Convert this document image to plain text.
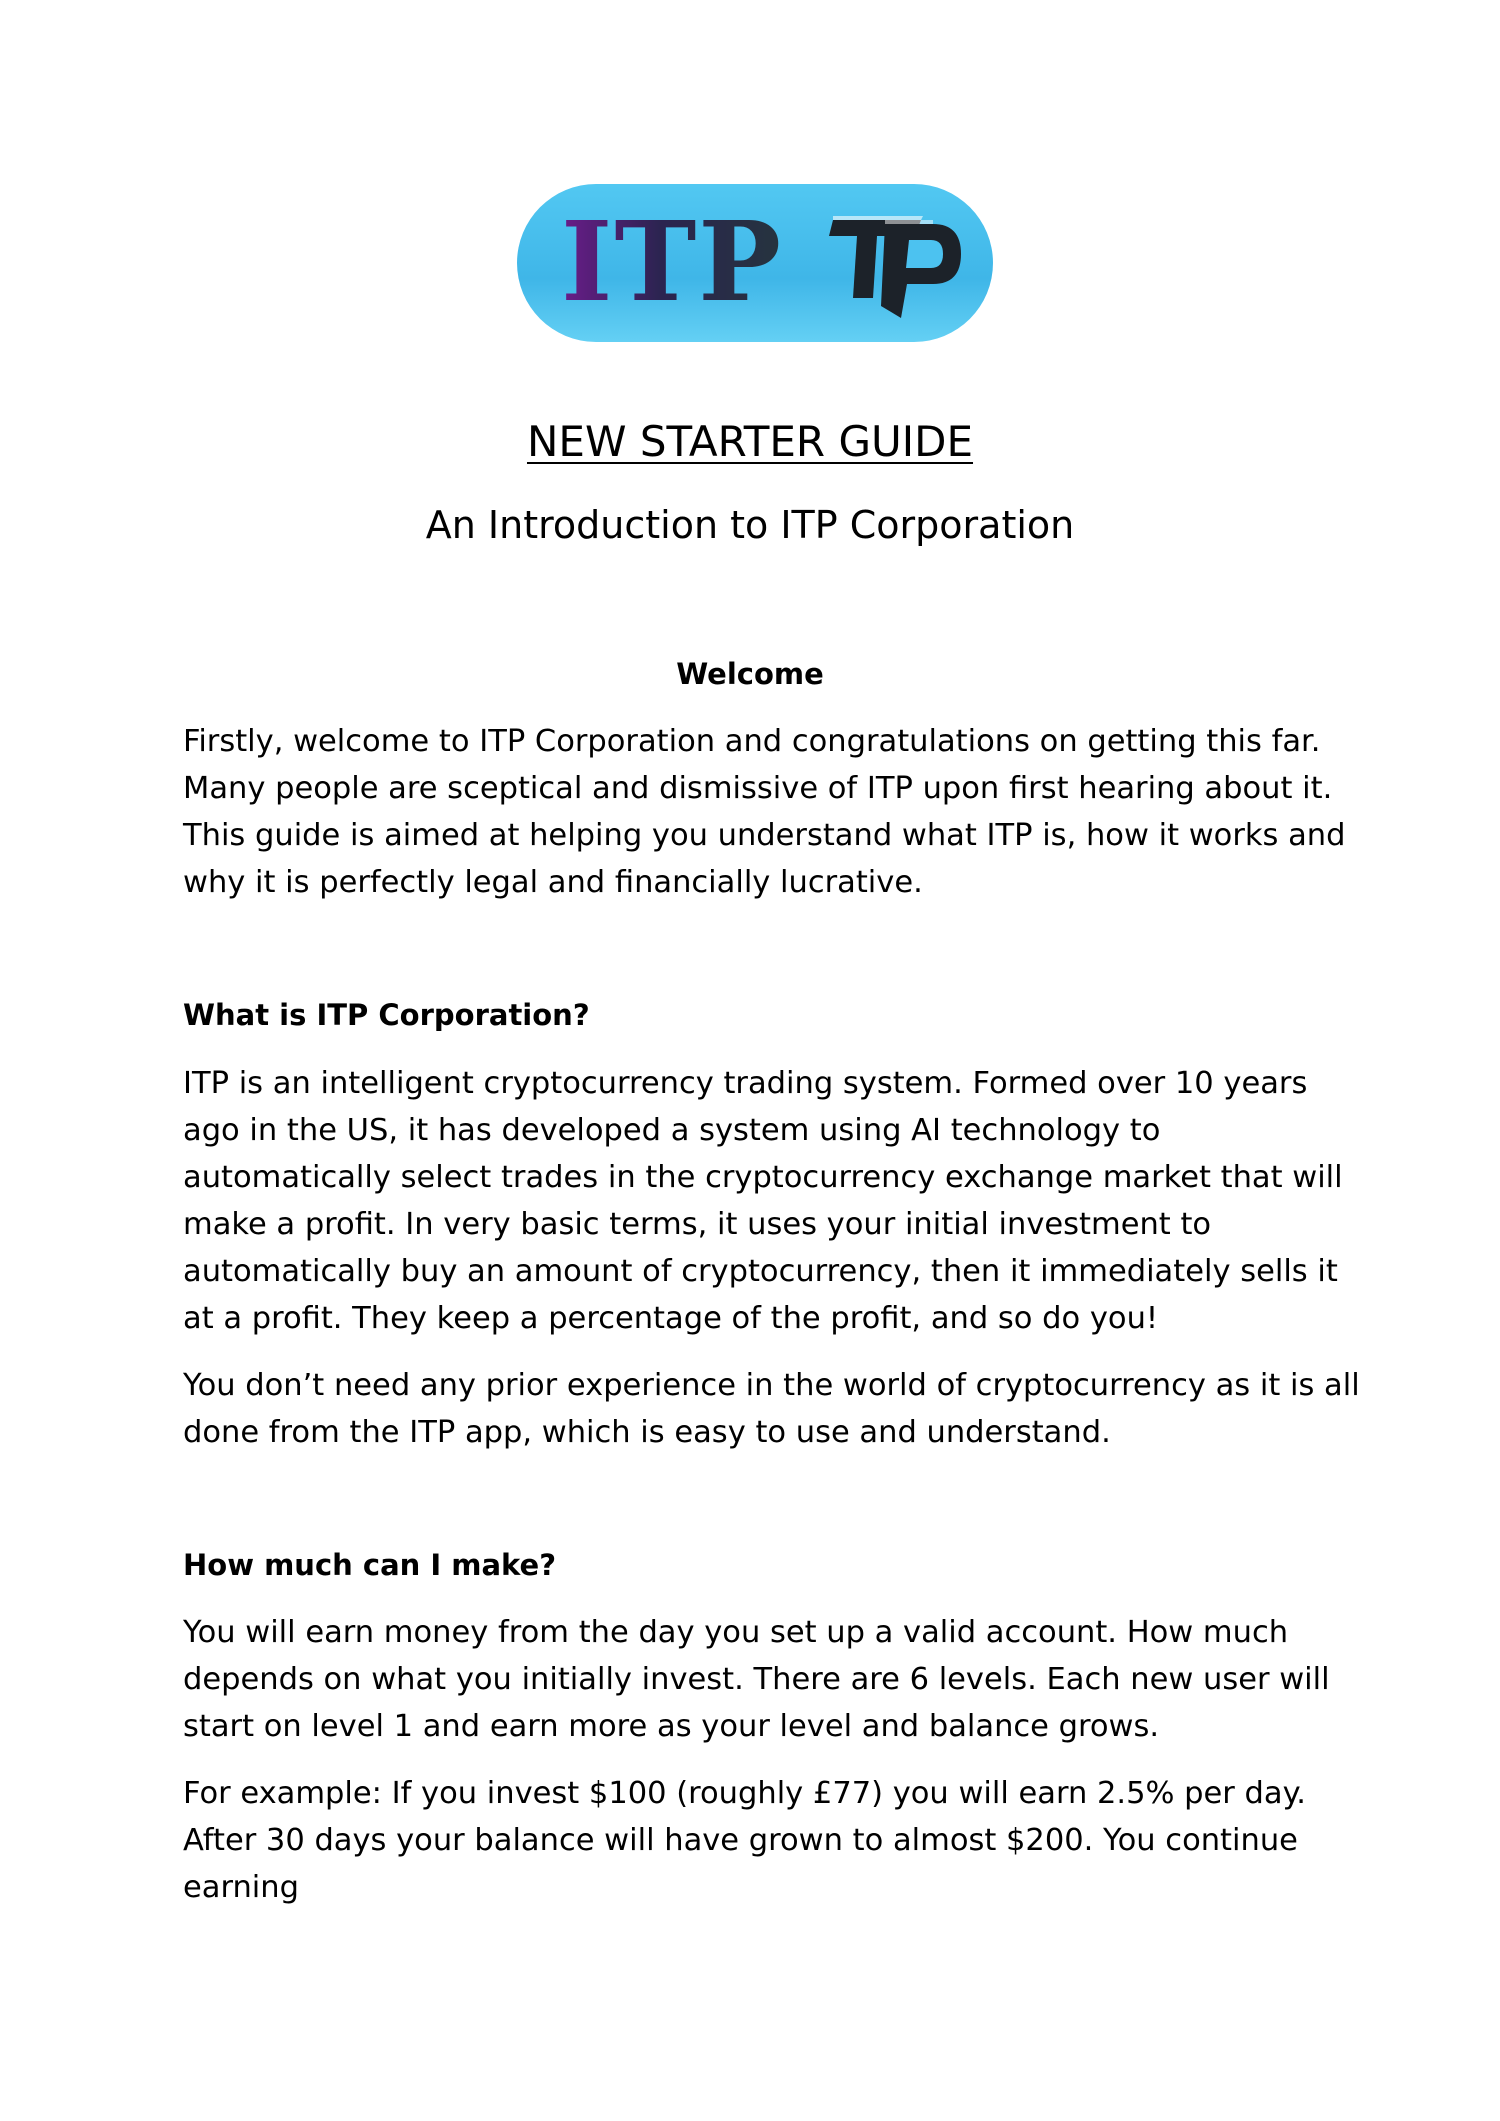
ITP
NEW STARTER GUIDE
An Introduction to ITP Corporation
Welcome

Firstly, welcome to ITP Corporation and congratulations on getting this far. Many people are sceptical and dismissive of ITP upon first hearing about it. This guide is aimed at helping you understand what ITP is, how it works and why it is perfectly legal and financially lucrative.

What is ITP Corporation?

ITP is an intelligent cryptocurrency trading system. Formed over 10 years ago in the US, it has developed a system using AI technology to automatically select trades in the cryptocurrency exchange market that will make a profit. In very basic terms, it uses your initial investment to automatically buy an amount of cryptocurrency, then it immediately sells it at a profit. They keep a percentage of the profit, and so do you!

You don’t need any prior experience in the world of cryptocurrency as it is all done from the ITP app, which is easy to use and understand.

How much can I make?

You will earn money from the day you set up a valid account. How much depends on what you initially invest. There are 6 levels. Each new user will start on level 1 and earn more as your level and balance grows.

For example: If you invest $100 (roughly £77) you will earn 2.5% per day. After 30 days your balance will have grown to almost $200. You continue earning
